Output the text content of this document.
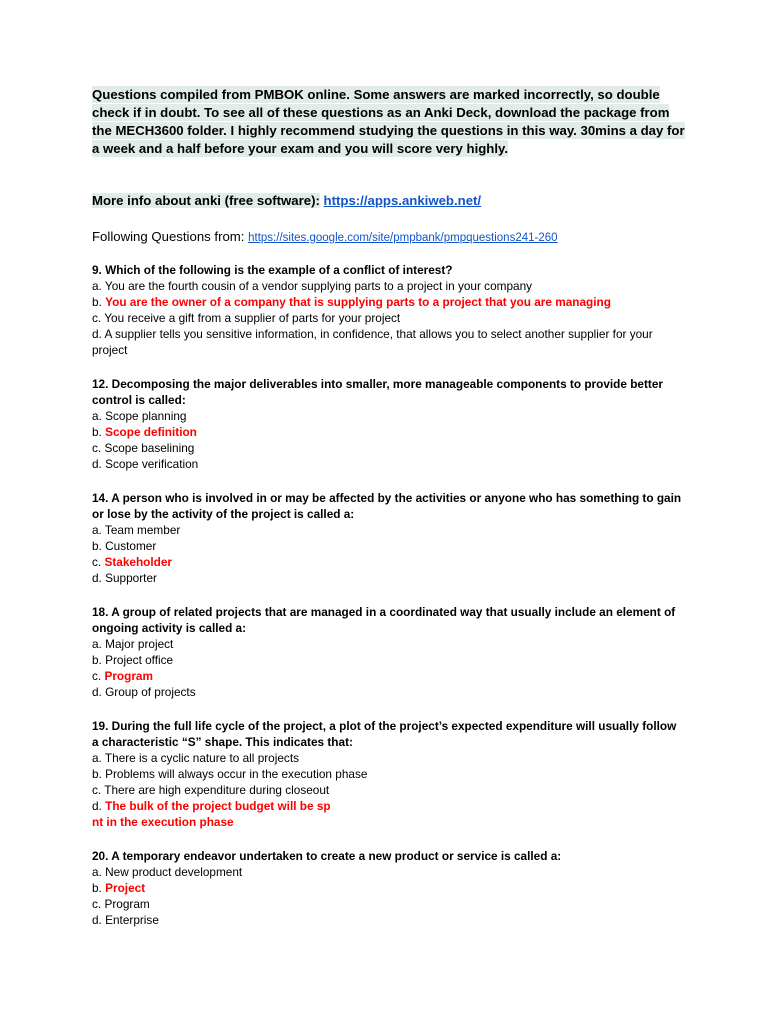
Questions compiled from PMBOK online. Some answers are marked incorrectly, so double check if in doubt. To see all of these questions as an Anki Deck, download the package from the MECH3600 folder. I highly recommend studying the questions in this way. 30mins a day for a week and a half before your exam and you will score very highly.
More info about anki (free software): https://apps.ankiweb.net/
Following Questions from: https://sites.google.com/site/pmpbank/pmpquestions241-260
9. Which of the following is the example of a conflict of interest?
a. You are the fourth cousin of a vendor supplying parts to a project in your company
b. You are the owner of a company that is supplying parts to a project that you are managing
c. You receive a gift from a supplier of parts for your project
d. A supplier tells you sensitive information, in confidence, that allows you to select another supplier for your project
12. Decomposing the major deliverables into smaller, more manageable components to provide better control is called:
a. Scope planning
b. Scope definition
c. Scope baselining
d. Scope verification
14. A person who is involved in or may be affected by the activities or anyone who has something to gain or lose by the activity of the project is called a:
a. Team member
b. Customer
c. Stakeholder
d. Supporter
18. A group of related projects that are managed in a coordinated way that usually include an element of ongoing activity is called a:
a. Major project
b. Project office
c. Program
d. Group of projects
19. During the full life cycle of the project, a plot of the project’s expected expenditure will usually follow a characteristic “S” shape. This indicates that:
a. There is a cyclic nature to all projects
b. Problems will always occur in the execution phase
c. There are high expenditure during closeout
d. The bulk of the project budget will be sp
nt in the execution phase
20. A temporary endeavor undertaken to create a new product or service is called a:
a. New product development
b. Project
c. Program
d. Enterprise
